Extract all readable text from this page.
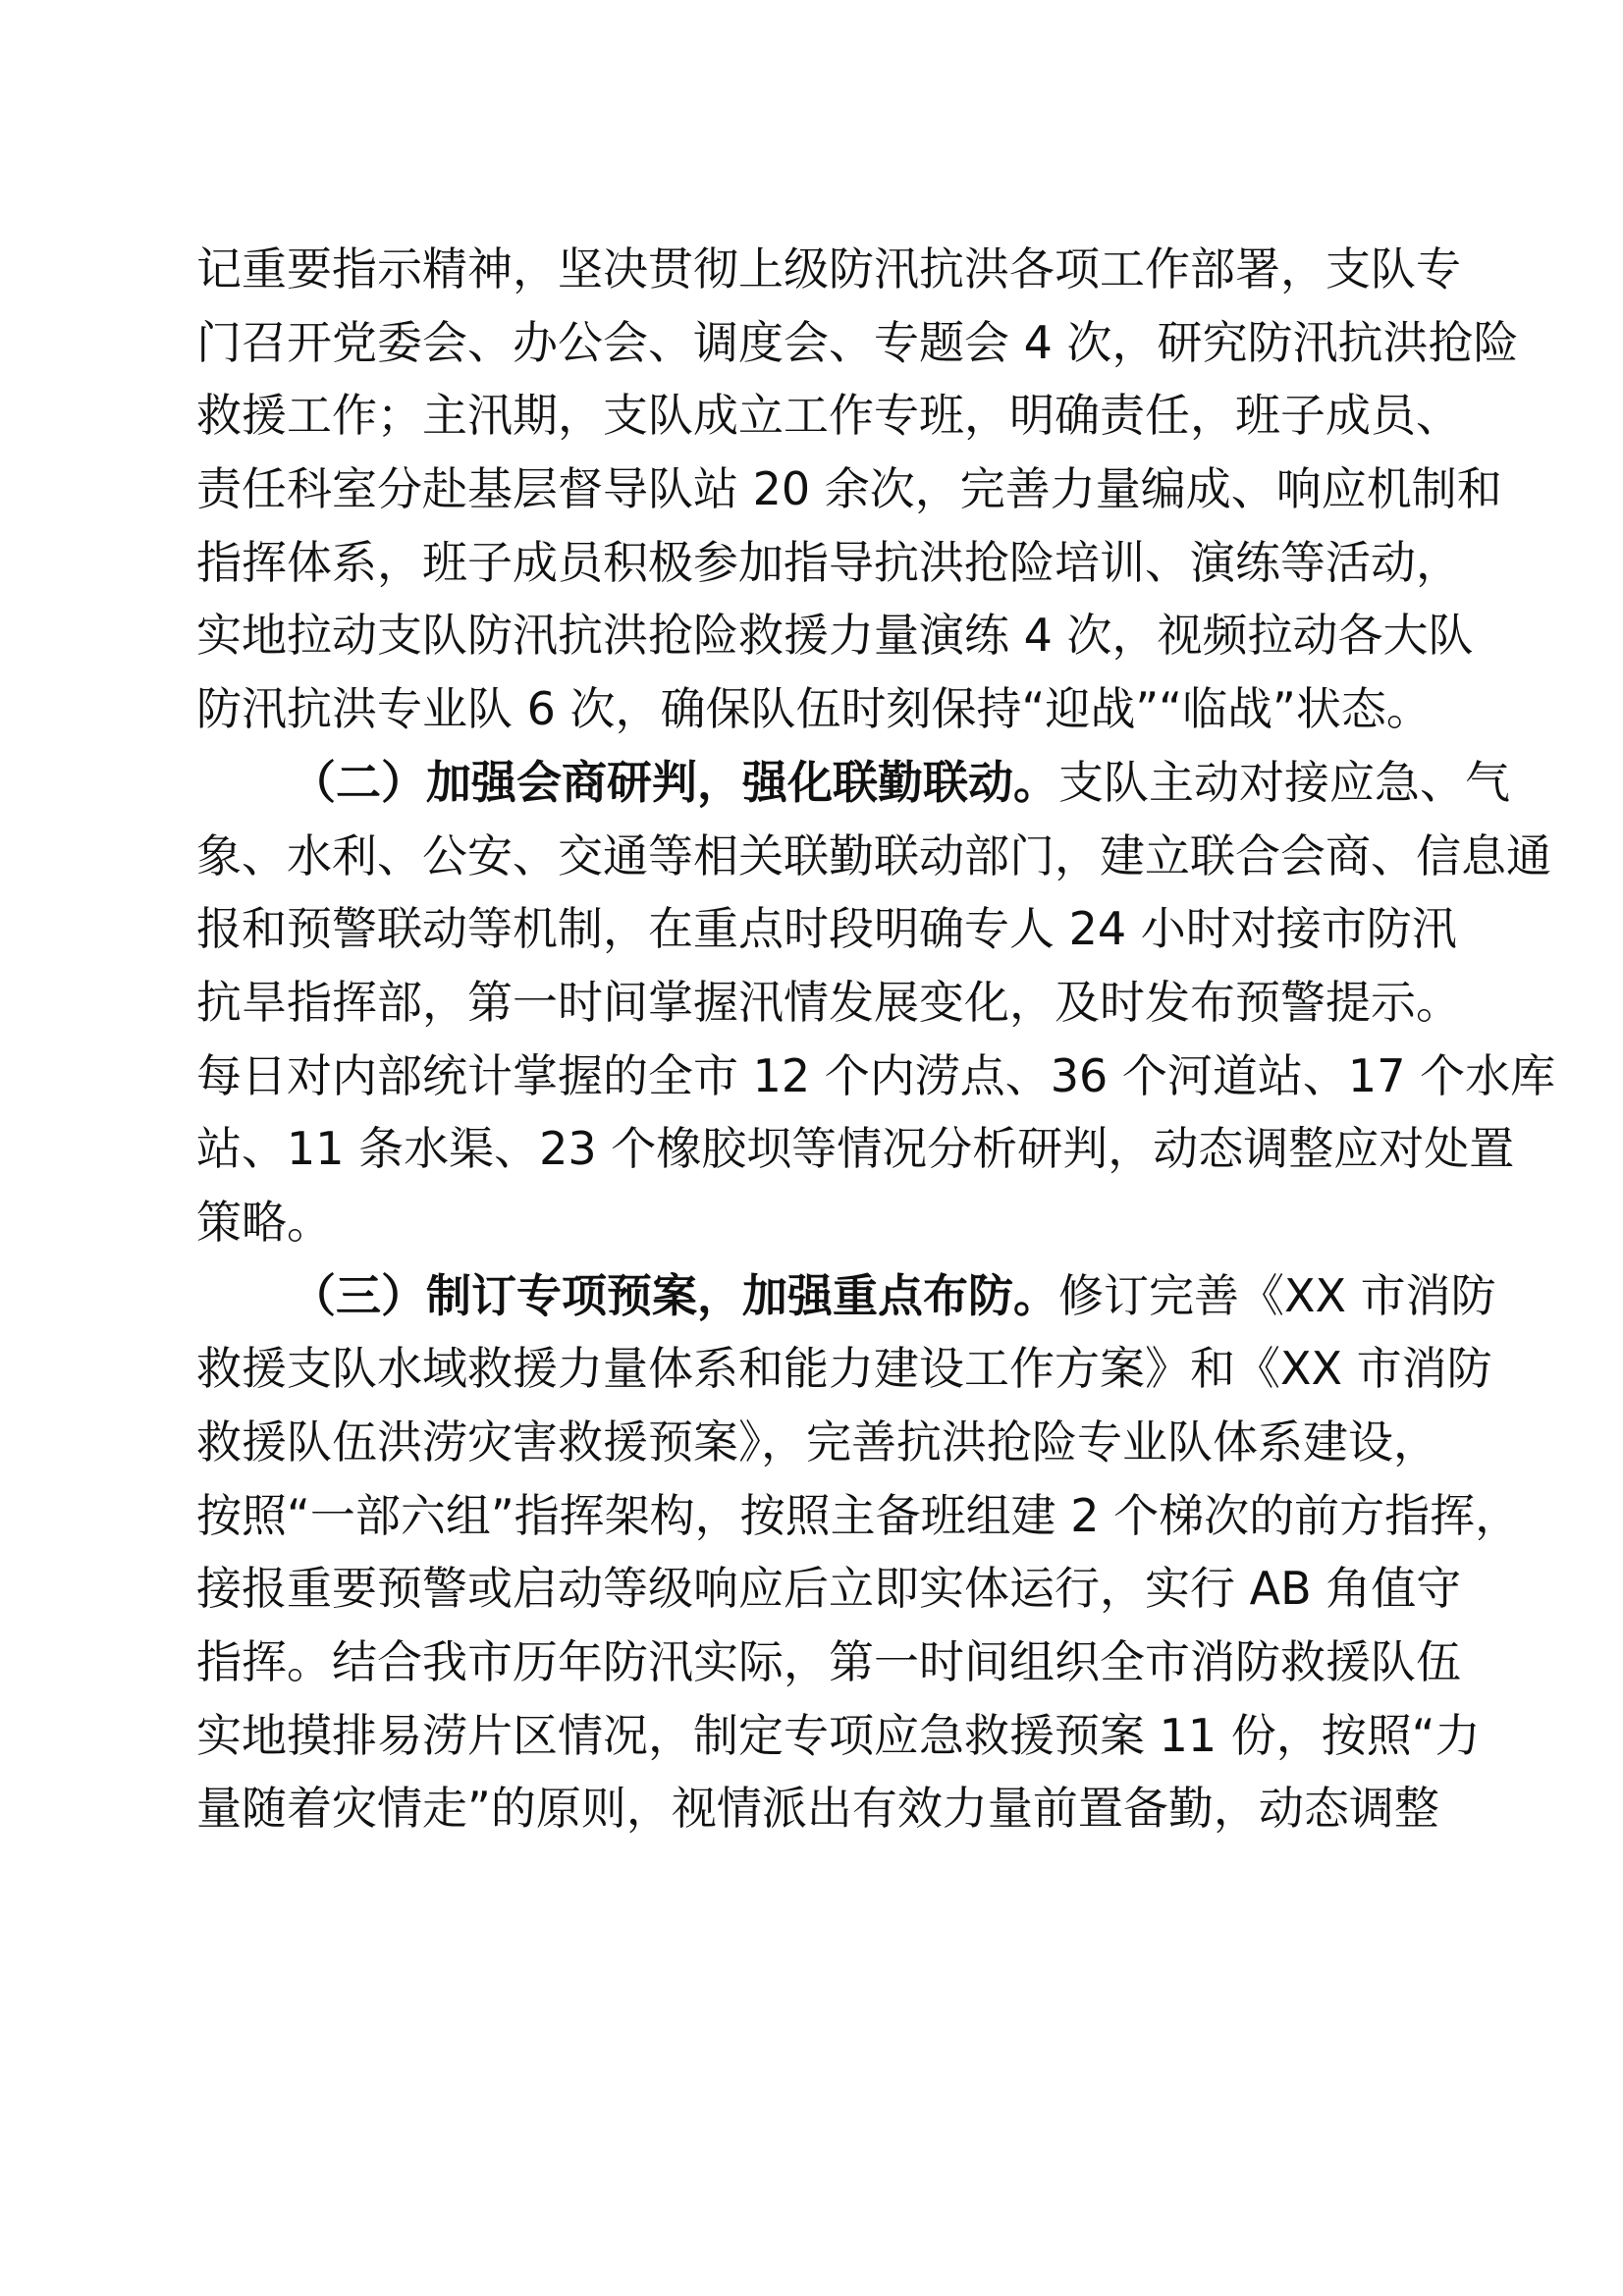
记重要指示精神，坚决贯彻上级防汛抗洪各项工作部署，支队专
门召开党委会、办公会、调度会、专题会 4 次，研究防汛抗洪抢险
救援工作；主汛期，支队成立工作专班，明确责任，班子成员、
责任科室分赴基层督导队站 20 余次，完善力量编成、响应机制和
指挥体系，班子成员积极参加指导抗洪抢险培训、演练等活动，
实地拉动支队防汛抗洪抢险救援力量演练 4 次，视频拉动各大队
防汛抗洪专业队 6 次，确保队伍时刻保持“迎战”“临战”状态。
（二）加强会商研判，强化联勤联动。支队主动对接应急、气
象、水利、公安、交通等相关联勤联动部门，建立联合会商、信息通
报和预警联动等机制，在重点时段明确专人 24 小时对接市防汛
抗旱指挥部，第一时间掌握汛情发展变化，及时发布预警提示。
每日对内部统计掌握的全市 12 个内涝点、36 个河道站、17 个水库
站、11 条水渠、23 个橡胶坝等情况分析研判，动态调整应对处置
策略。
（三）制订专项预案，加强重点布防。修订完善《XX 市消防
救援支队水域救援力量体系和能力建设工作方案》和《XX 市消防
救援队伍洪涝灾害救援预案》，完善抗洪抢险专业队体系建设，
按照“一部六组”指挥架构，按照主备班组建 2 个梯次的前方指挥，
接报重要预警或启动等级响应后立即实体运行，实行 AB 角值守
指挥。结合我市历年防汛实际，第一时间组织全市消防救援队伍
实地摸排易涝片区情况，制定专项应急救援预案 11 份，按照“力
量随着灾情走”的原则，视情派出有效力量前置备勤，动态调整
